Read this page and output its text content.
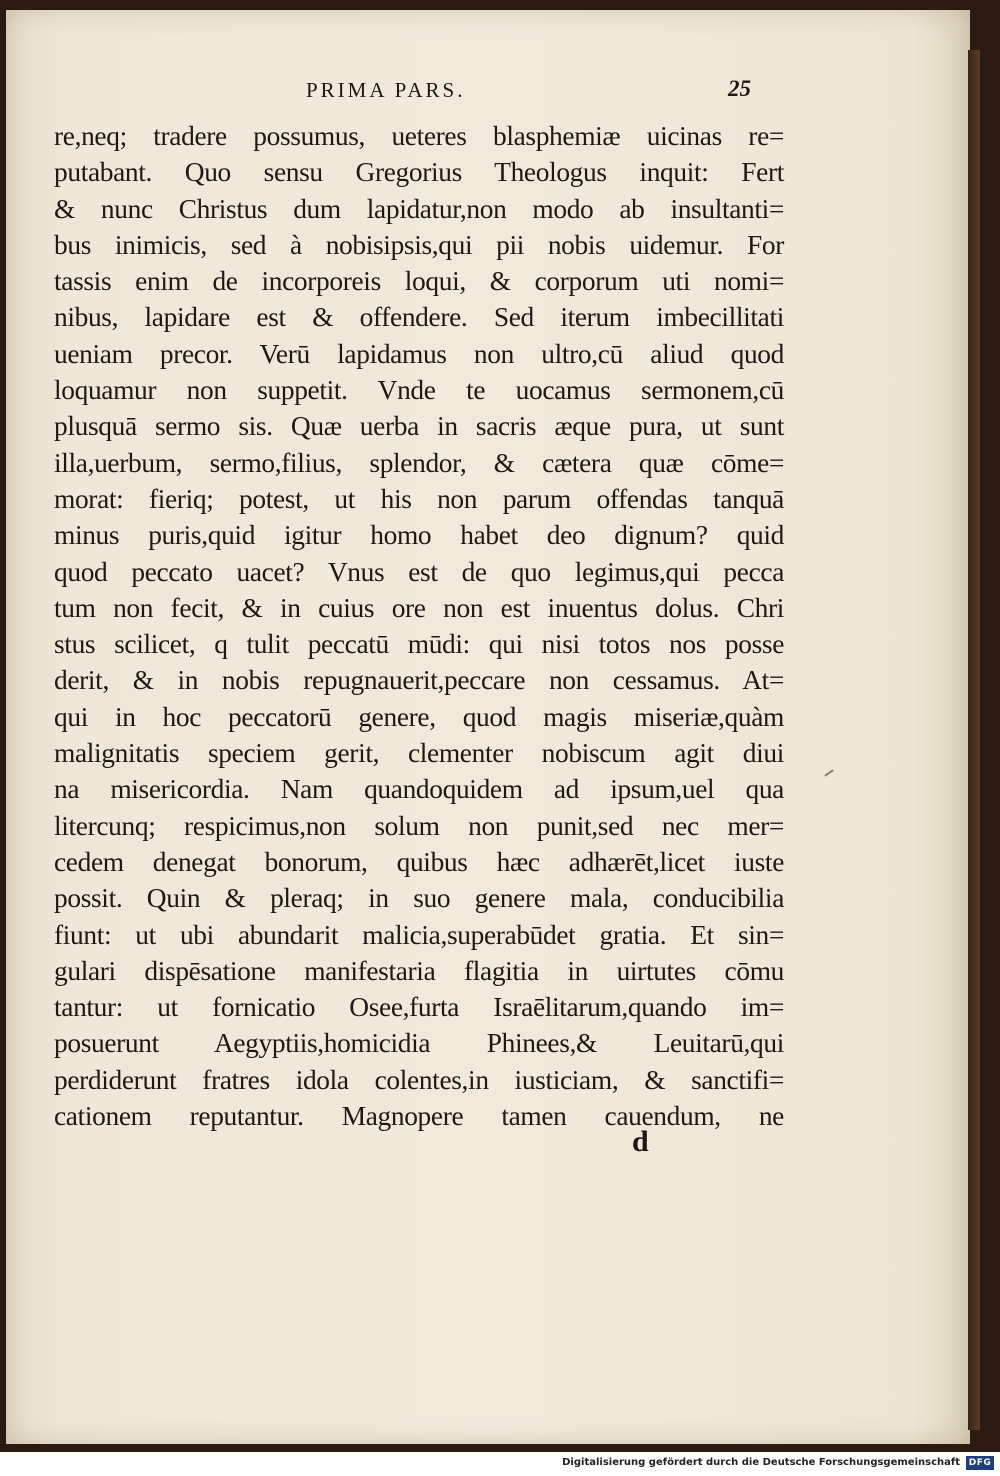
PRIMA PARS.	25
re,neq; tradere possumus, ueteres blasphemiæ uicinas re=
putabant. Quo sensu Gregorius Theologus inquit: Fert
& nunc Christus dum lapidatur,non modo ab insultanti=
bus inimicis, sed à nobisipsis,qui pii nobis uidemur. For
tassis enim de incorporeis loqui, & corporum uti nomi=
nibus, lapidare est & offendere. Sed iterum imbecillitati
ueniam precor. Verū lapidamus non ultro,cū aliud quod
loquamur non suppetit. Vnde te uocamus sermonem,cū
plusquā sermo sis. Quæ uerba in sacris æque pura, ut sunt
illa,uerbum, sermo,filius, splendor, & cætera quæ cōme=
morat: fieriq; potest, ut his non parum offendas tanquā
minus puris,quid igitur homo habet deo dignum? quid
quod peccato uacet? Vnus est de quo legimus,qui pecca
tum non fecit, & in cuius ore non est inuentus dolus. Chri
stus scilicet, q tulit peccatū mūdi: qui nisi totos nos posse
derit, & in nobis repugnauerit,peccare non cessamus. At=
qui in hoc peccatorū genere, quod magis miseriæ,quàm
malignitatis speciem gerit, clementer nobiscum agit diui
na misericordia. Nam quandoquidem ad ipsum,uel qua
litercunq; respicimus,non solum non punit,sed nec mer=
cedem denegat bonorum, quibus hæc adhærēt,licet iuste
possit. Quin & pleraq; in suo genere mala, conducibilia
fiunt: ut ubi abundarit malicia,superabūdet gratia. Et sin=
gulari dispēsatione manifestaria flagitia in uirtutes cōmu
tantur: ut fornicatio Osee,furta Israēlitarum,quando im=
posuerunt Aegyptiis,homicidia Phinees,& Leuitarū,qui
perdiderunt fratres idola colentes,in iusticiam, & sanctifi=
cationem reputantur. Magnopere tamen cauendum, ne
d
Digitalisierung gefördert durch die Deutsche Forschungsgemeinschaft DFG
